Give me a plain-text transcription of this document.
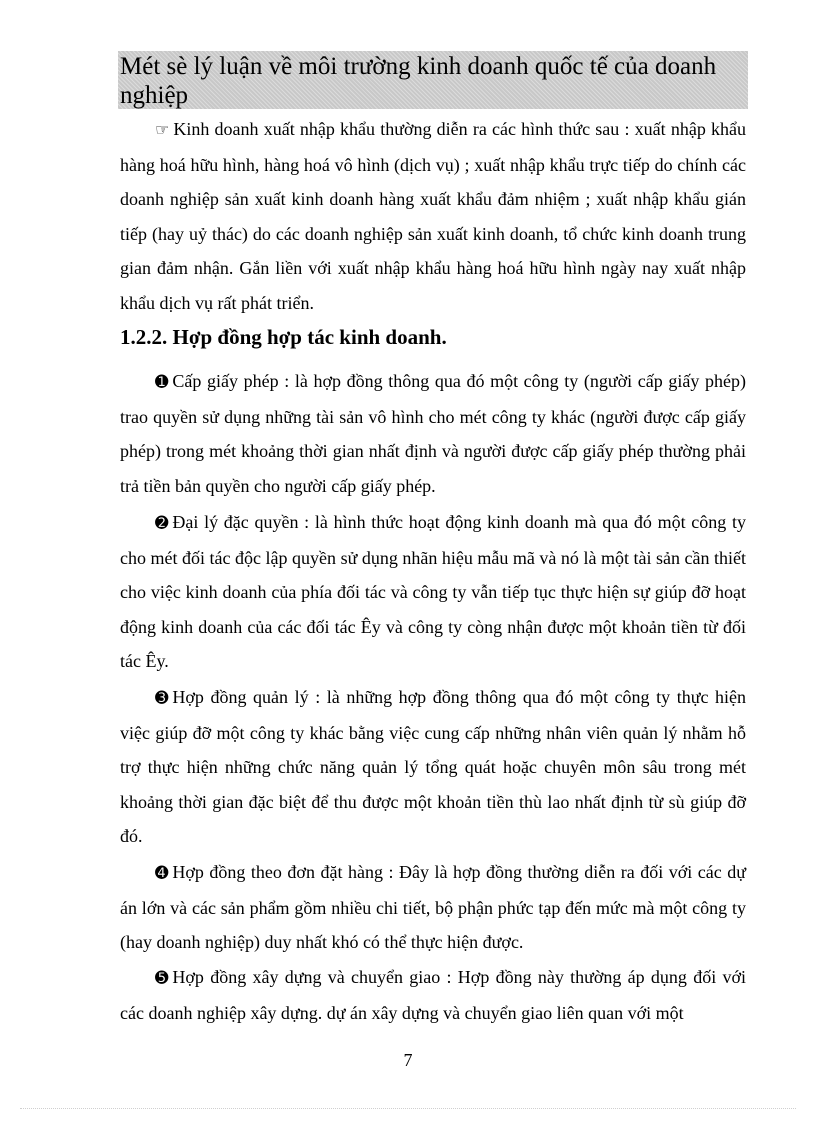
Mét sè lý luận về môi trường kinh doanh quốc tế của doanh nghiệp

☞ Kinh doanh xuất nhập khẩu thường diễn ra các hình thức sau : xuất nhập khẩu hàng hoá hữu hình, hàng hoá vô hình (dịch vụ) ; xuất nhập khẩu trực tiếp do chính các doanh nghiệp sản xuất kinh doanh hàng xuất khẩu đảm nhiệm ; xuất nhập khẩu gián tiếp (hay uỷ thác) do các doanh nghiệp sản xuất kinh doanh, tổ chức kinh doanh trung gian đảm nhận. Gắn liền với xuất nhập khẩu hàng hoá hữu hình ngày nay xuất nhập khẩu dịch vụ rất phát triển.

1.2.2. Hợp đồng hợp tác kinh doanh.

➊ Cấp giấy phép : là hợp đồng thông qua đó một công ty (người cấp giấy phép) trao quyền sử dụng những tài sản vô hình cho mét công ty khác (người được cấp giấy phép) trong mét khoảng thời gian nhất định và người được cấp giấy phép thường phải trả tiền bản quyền cho người cấp giấy phép.

➋ Đại lý đặc quyền : là hình thức hoạt động kinh doanh mà qua đó một công ty cho mét đối tác độc lập quyền sử dụng nhãn hiệu mẫu mã và nó là một tài sản cần thiết cho việc kinh doanh của phía đối tác và công ty vẫn tiếp tục thực hiện sự giúp đỡ hoạt động kinh doanh của các đối tác Êy và công ty còng nhận được một khoản tiền từ đối tác Êy.

➌ Hợp đồng quản lý : là những hợp đồng thông qua đó một công ty thực hiện việc giúp đỡ một công ty khác bằng việc cung cấp những nhân viên quản lý nhằm hỗ trợ thực hiện những chức năng quản lý tổng quát hoặc chuyên môn sâu trong mét khoảng thời gian đặc biệt để thu được một khoản tiền thù lao nhất định từ sù giúp đỡ đó.

➍ Hợp đồng theo đơn đặt hàng : Đây là hợp đồng thường diễn ra đối với các dự án lớn và các sản phẩm gồm nhiều chi tiết, bộ phận phức tạp đến mức mà một công ty (hay doanh nghiệp) duy nhất khó có thể thực hiện được.

➎ Hợp đồng xây dựng và chuyển giao : Hợp đồng này thường áp dụng đối với các doanh nghiệp xây dựng. dự án xây dựng và chuyển giao liên quan với một

7
